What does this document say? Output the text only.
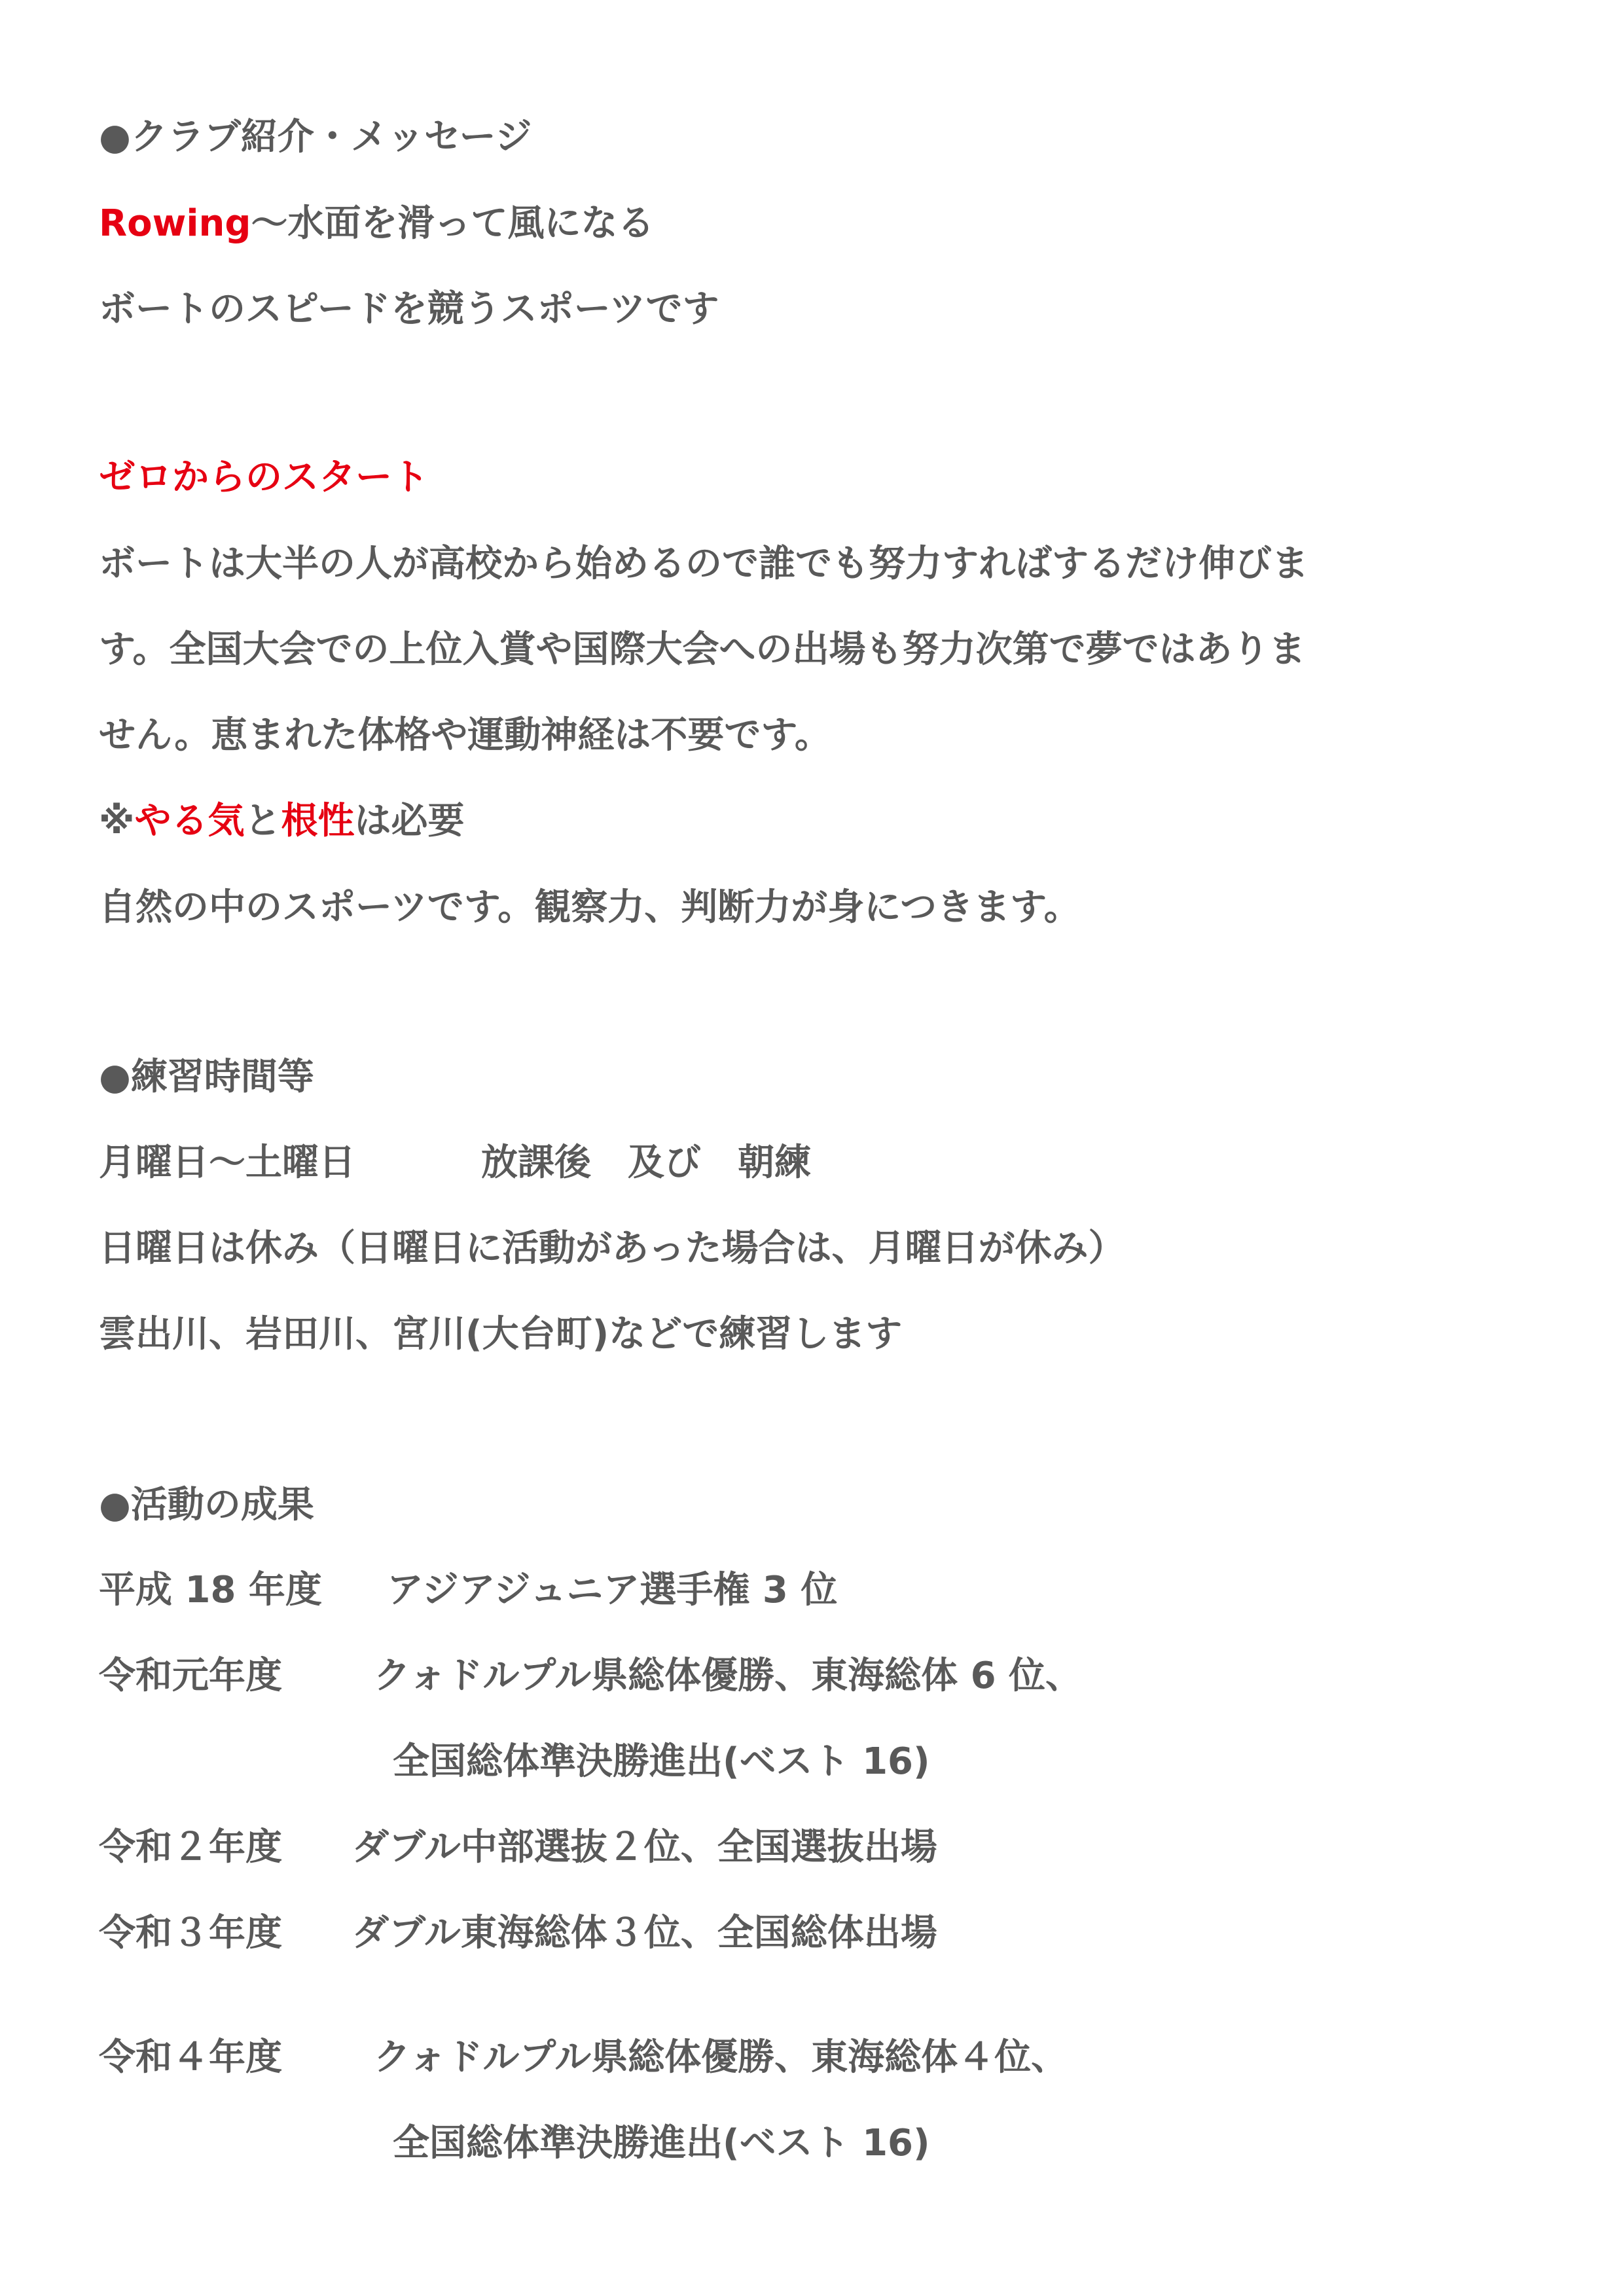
●クラブ紹介・メッセージ
Rowing～水面を滑って風になる
ボートのスピードを競うスポーツです
ゼロからのスタート
ボートは大半の人が高校から始めるので誰でも努力すればするだけ伸びま
す。全国大会での上位入賞や国際大会への出場も努力次第で夢ではありま
せん。恵まれた体格や運動神経は不要です。
※やる気と根性は必要
自然の中のスポーツです。観察力、判断力が身につきます。
●練習時間等
月曜日～土曜日	放課後　及び　朝練
日曜日は休み（日曜日に活動があった場合は、月曜日が休み）
雲出川、岩田川、宮川(大台町)などで練習します
●活動の成果
平成 18 年度 アジアジュニア選手権 3 位
令和元年度	クォドルプル県総体優勝、東海総体 6 位、
全国総体準決勝進出(ベスト 16)
令和２年度 ダブル中部選抜２位、全国選抜出場
令和３年度 ダブル東海総体３位、全国総体出場
令和４年度	クォドルプル県総体優勝、東海総体４位、
全国総体準決勝進出(ベスト 16)
